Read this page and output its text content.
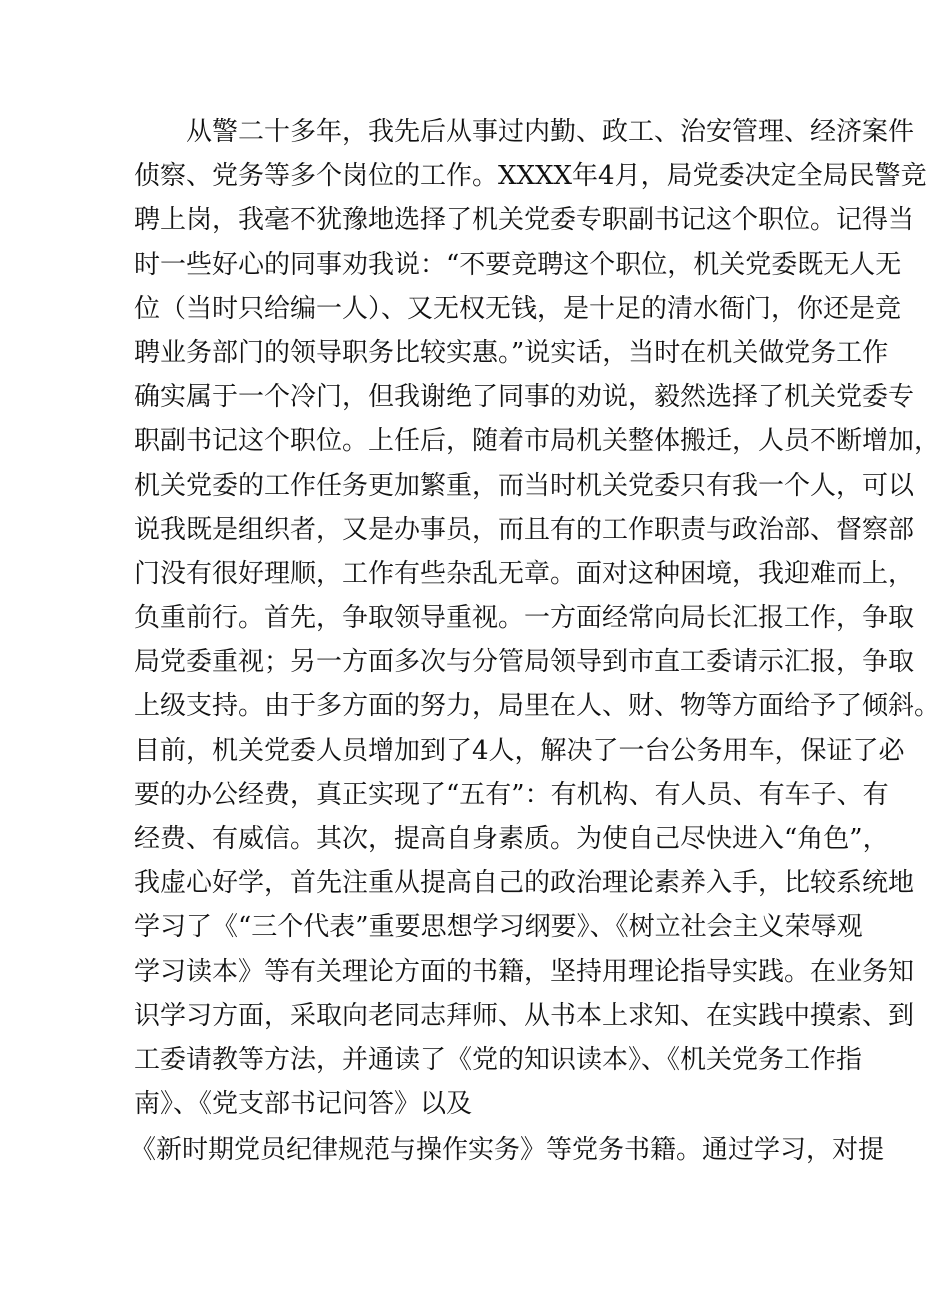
从警二十多年，我先后从事过内勤、政工、治安管理、经济案件
侦察、党务等多个岗位的工作。XXXX年4月，局党委决定全局民警竞
聘上岗，我毫不犹豫地选择了机关党委专职副书记这个职位。记得当
时一些好心的同事劝我说：“不要竞聘这个职位，机关党委既无人无
位（当时只给编一人）、又无权无钱，是十足的清水衙门，你还是竞
聘业务部门的领导职务比较实惠。”说实话，当时在机关做党务工作
确实属于一个冷门，但我谢绝了同事的劝说，毅然选择了机关党委专
职副书记这个职位。上任后，随着市局机关整体搬迁，人员不断增加，
机关党委的工作任务更加繁重，而当时机关党委只有我一个人，可以
说我既是组织者，又是办事员，而且有的工作职责与政治部、督察部
门没有很好理顺，工作有些杂乱无章。面对这种困境，我迎难而上，
负重前行。首先，争取领导重视。一方面经常向局长汇报工作，争取
局党委重视；另一方面多次与分管局领导到市直工委请示汇报，争取
上级支持。由于多方面的努力，局里在人、财、物等方面给予了倾斜。
目前，机关党委人员增加到了4人，解决了一台公务用车，保证了必
要的办公经费，真正实现了“五有”：有机构、有人员、有车子、有
经费、有威信。其次，提高自身素质。为使自己尽快进入“角色”，
我虚心好学，首先注重从提高自己的政治理论素养入手，比较系统地
学习了《“三个代表”重要思想学习纲要》、《树立社会主义荣辱观
学习读本》等有关理论方面的书籍，坚持用理论指导实践。在业务知
识学习方面，采取向老同志拜师、从书本上求知、在实践中摸索、到
工委请教等方法，并通读了《党的知识读本》、《机关党务工作指
南》、《党支部书记问答》以及
《新时期党员纪律规范与操作实务》等党务书籍。通过学习，对提
